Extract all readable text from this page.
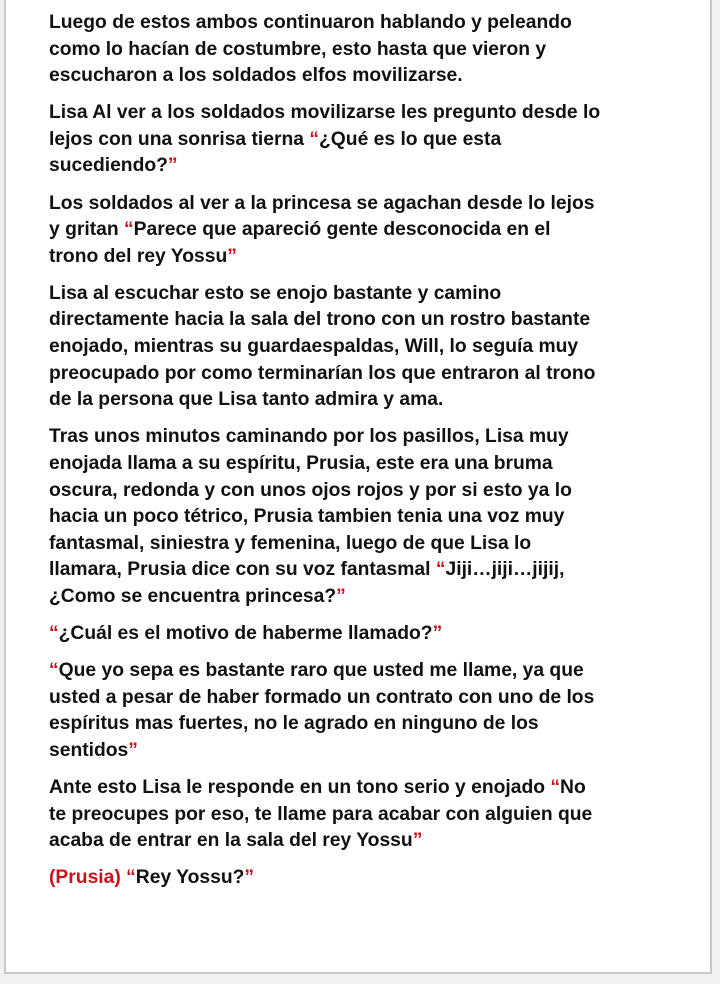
Luego de estos ambos continuaron hablando y peleando
como lo hacían de costumbre, esto hasta que vieron y
escucharon a los soldados elfos movilizarse.
Lisa Al ver a los soldados movilizarse les pregunto desde lo
lejos con una sonrisa tierna “¿Qué es lo que esta
sucediendo?”
Los soldados al ver a la princesa se agachan desde lo lejos
y gritan “Parece que apareció gente desconocida en el
trono del rey Yossu”
Lisa al escuchar esto se enojo bastante y camino
directamente hacia la sala del trono con un rostro bastante
enojado, mientras su guardaespaldas, Will, lo seguía muy
preocupado por como terminarían los que entraron al trono
de la persona que Lisa tanto admira y ama.
Tras unos minutos caminando por los pasillos, Lisa muy
enojada llama a su espíritu, Prusia, este era una bruma
oscura, redonda y con unos ojos rojos y por si esto ya lo
hacia un poco tétrico, Prusia tambien tenia una voz muy
fantasmal, siniestra y femenina, luego de que Lisa lo
llamara, Prusia dice con su voz fantasmal “Jiji…jiji…jijij,
¿Como se encuentra princesa?”
“¿Cuál es el motivo de haberme llamado?”
“Que yo sepa es bastante raro que usted me llame, ya que
usted a pesar de haber formado un contrato con uno de los
espíritus mas fuertes, no le agrado en ninguno de los
sentidos”
Ante esto Lisa le responde en un tono serio y enojado “No
te preocupes por eso, te llame para acabar con alguien que
acaba de entrar en la sala del rey Yossu”
(Prusia) “Rey Yossu?”
